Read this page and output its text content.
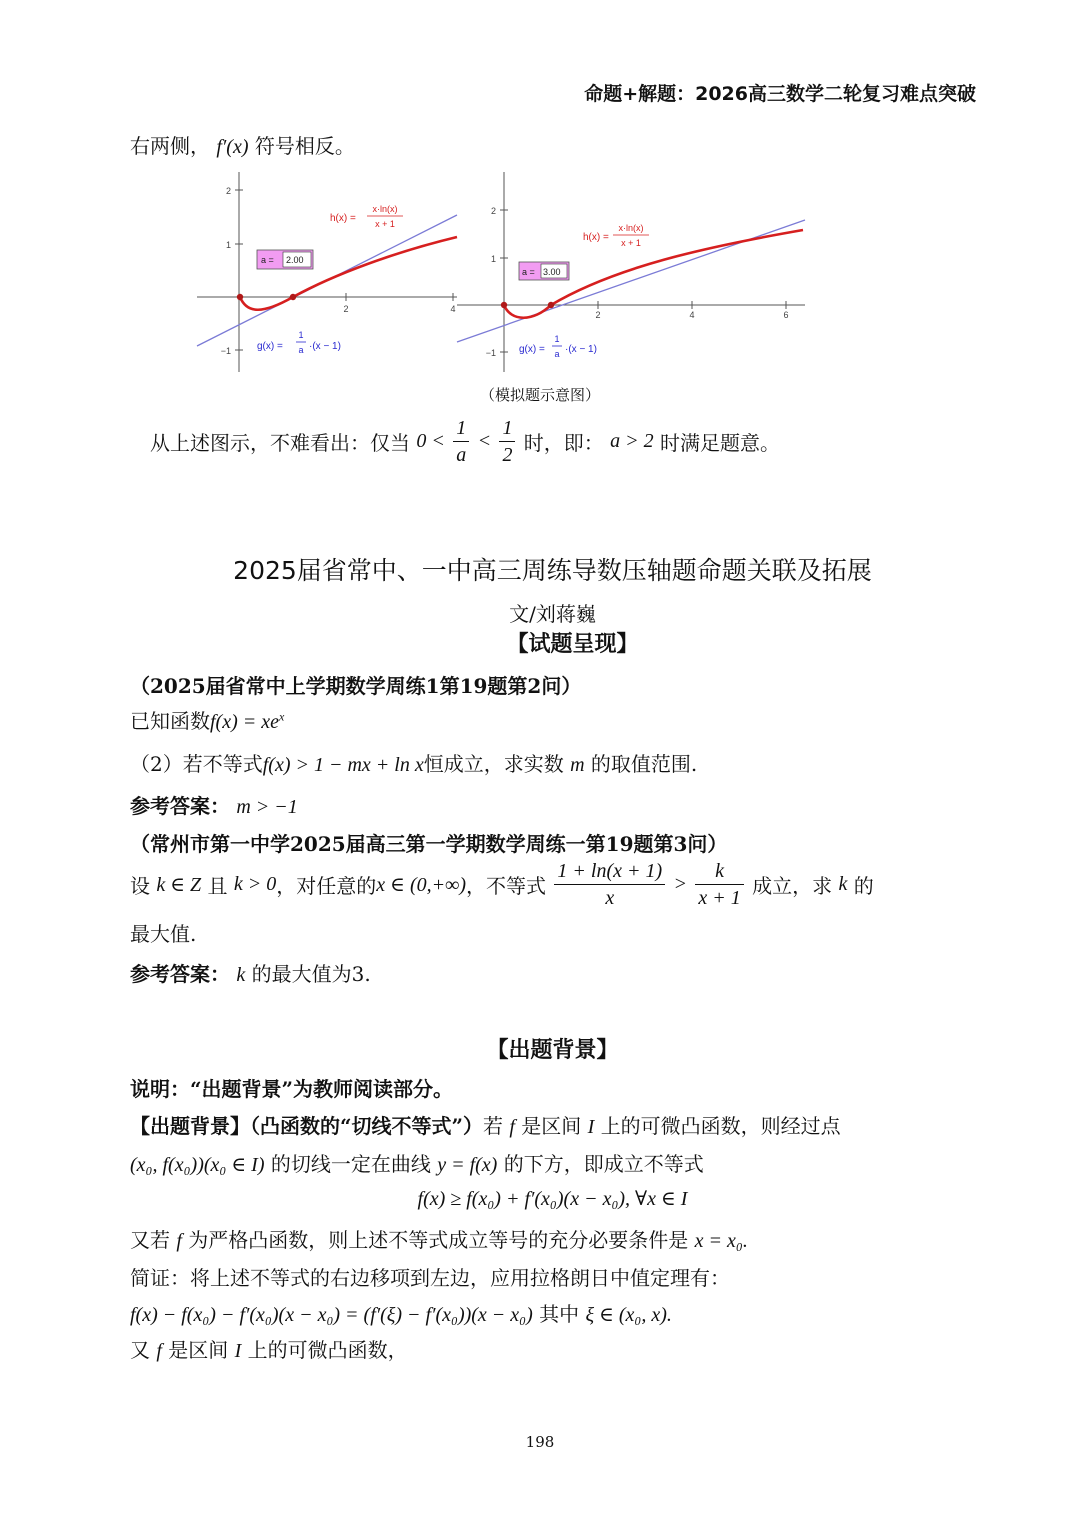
命题+解题：2026高三数学二轮复习难点突破
右两侧， f′(x) 符号相反。
2
1
−1
2	4
h(x) =
x·ln(x)
x + 1
a = 2.00
g(x) =
1
a ·(x − 1)
2
1
−1
2	4	6
h(x) =
x·ln(x)
x + 1
a = 3.00
g(x) =
1
a ·(x − 1)
（模拟题示意图）
从上述图示，不难看出：仅当 $0 < \frac{1}{a} < \frac{1}{2}$ 时，即： a > 2 时满足题意。
2025届省常中、一中高三周练导数压轴题命题关联及拓展
文/刘蒋巍
【试题呈现】
（2025届省常中上学期数学周练1第19题第2问）
已知函数$f(x) = xe^x$
（2）若不等式f(x) > 1 − mx + ln x恒成立，求实数 m 的取值范围.
参考答案： m > −1
（常州市第一中学2025届高三第一学期数学周练一第19题第3问）
设 k ∈ Z 且 k > 0，对任意的x ∈ (0,+∞)，不等式 $\frac{1 + \ln(x + 1)}{x} > \frac{k}{x + 1}$ 成立，求 k 的
最大值.
参考答案： k 的最大值为3.
【出题背景】
说明：“出题背景”为教师阅读部分。
【出题背景】（凸函数的“切线不等式”）若 f 是区间 I 上的可微凸函数，则经过点
(x₀, f(x₀))(x₀ ∈ I) 的切线一定在曲线 y = f(x) 的下方，即成立不等式
f(x) ≥ f(x₀) + f′(x₀)(x − x₀), ∀x ∈ I
又若 f 为严格凸函数，则上述不等式成立等号的充分必要条件是 x = x₀.
简证：将上述不等式的右边移项到左边，应用拉格朗日中值定理有：
f(x) − f(x₀) − f′(x₀)(x − x₀) = (f′(ξ) − f′(x₀))(x − x₀) 其中 ξ ∈ (x₀, x).
又 f 是区间 I 上的可微凸函数，
198
